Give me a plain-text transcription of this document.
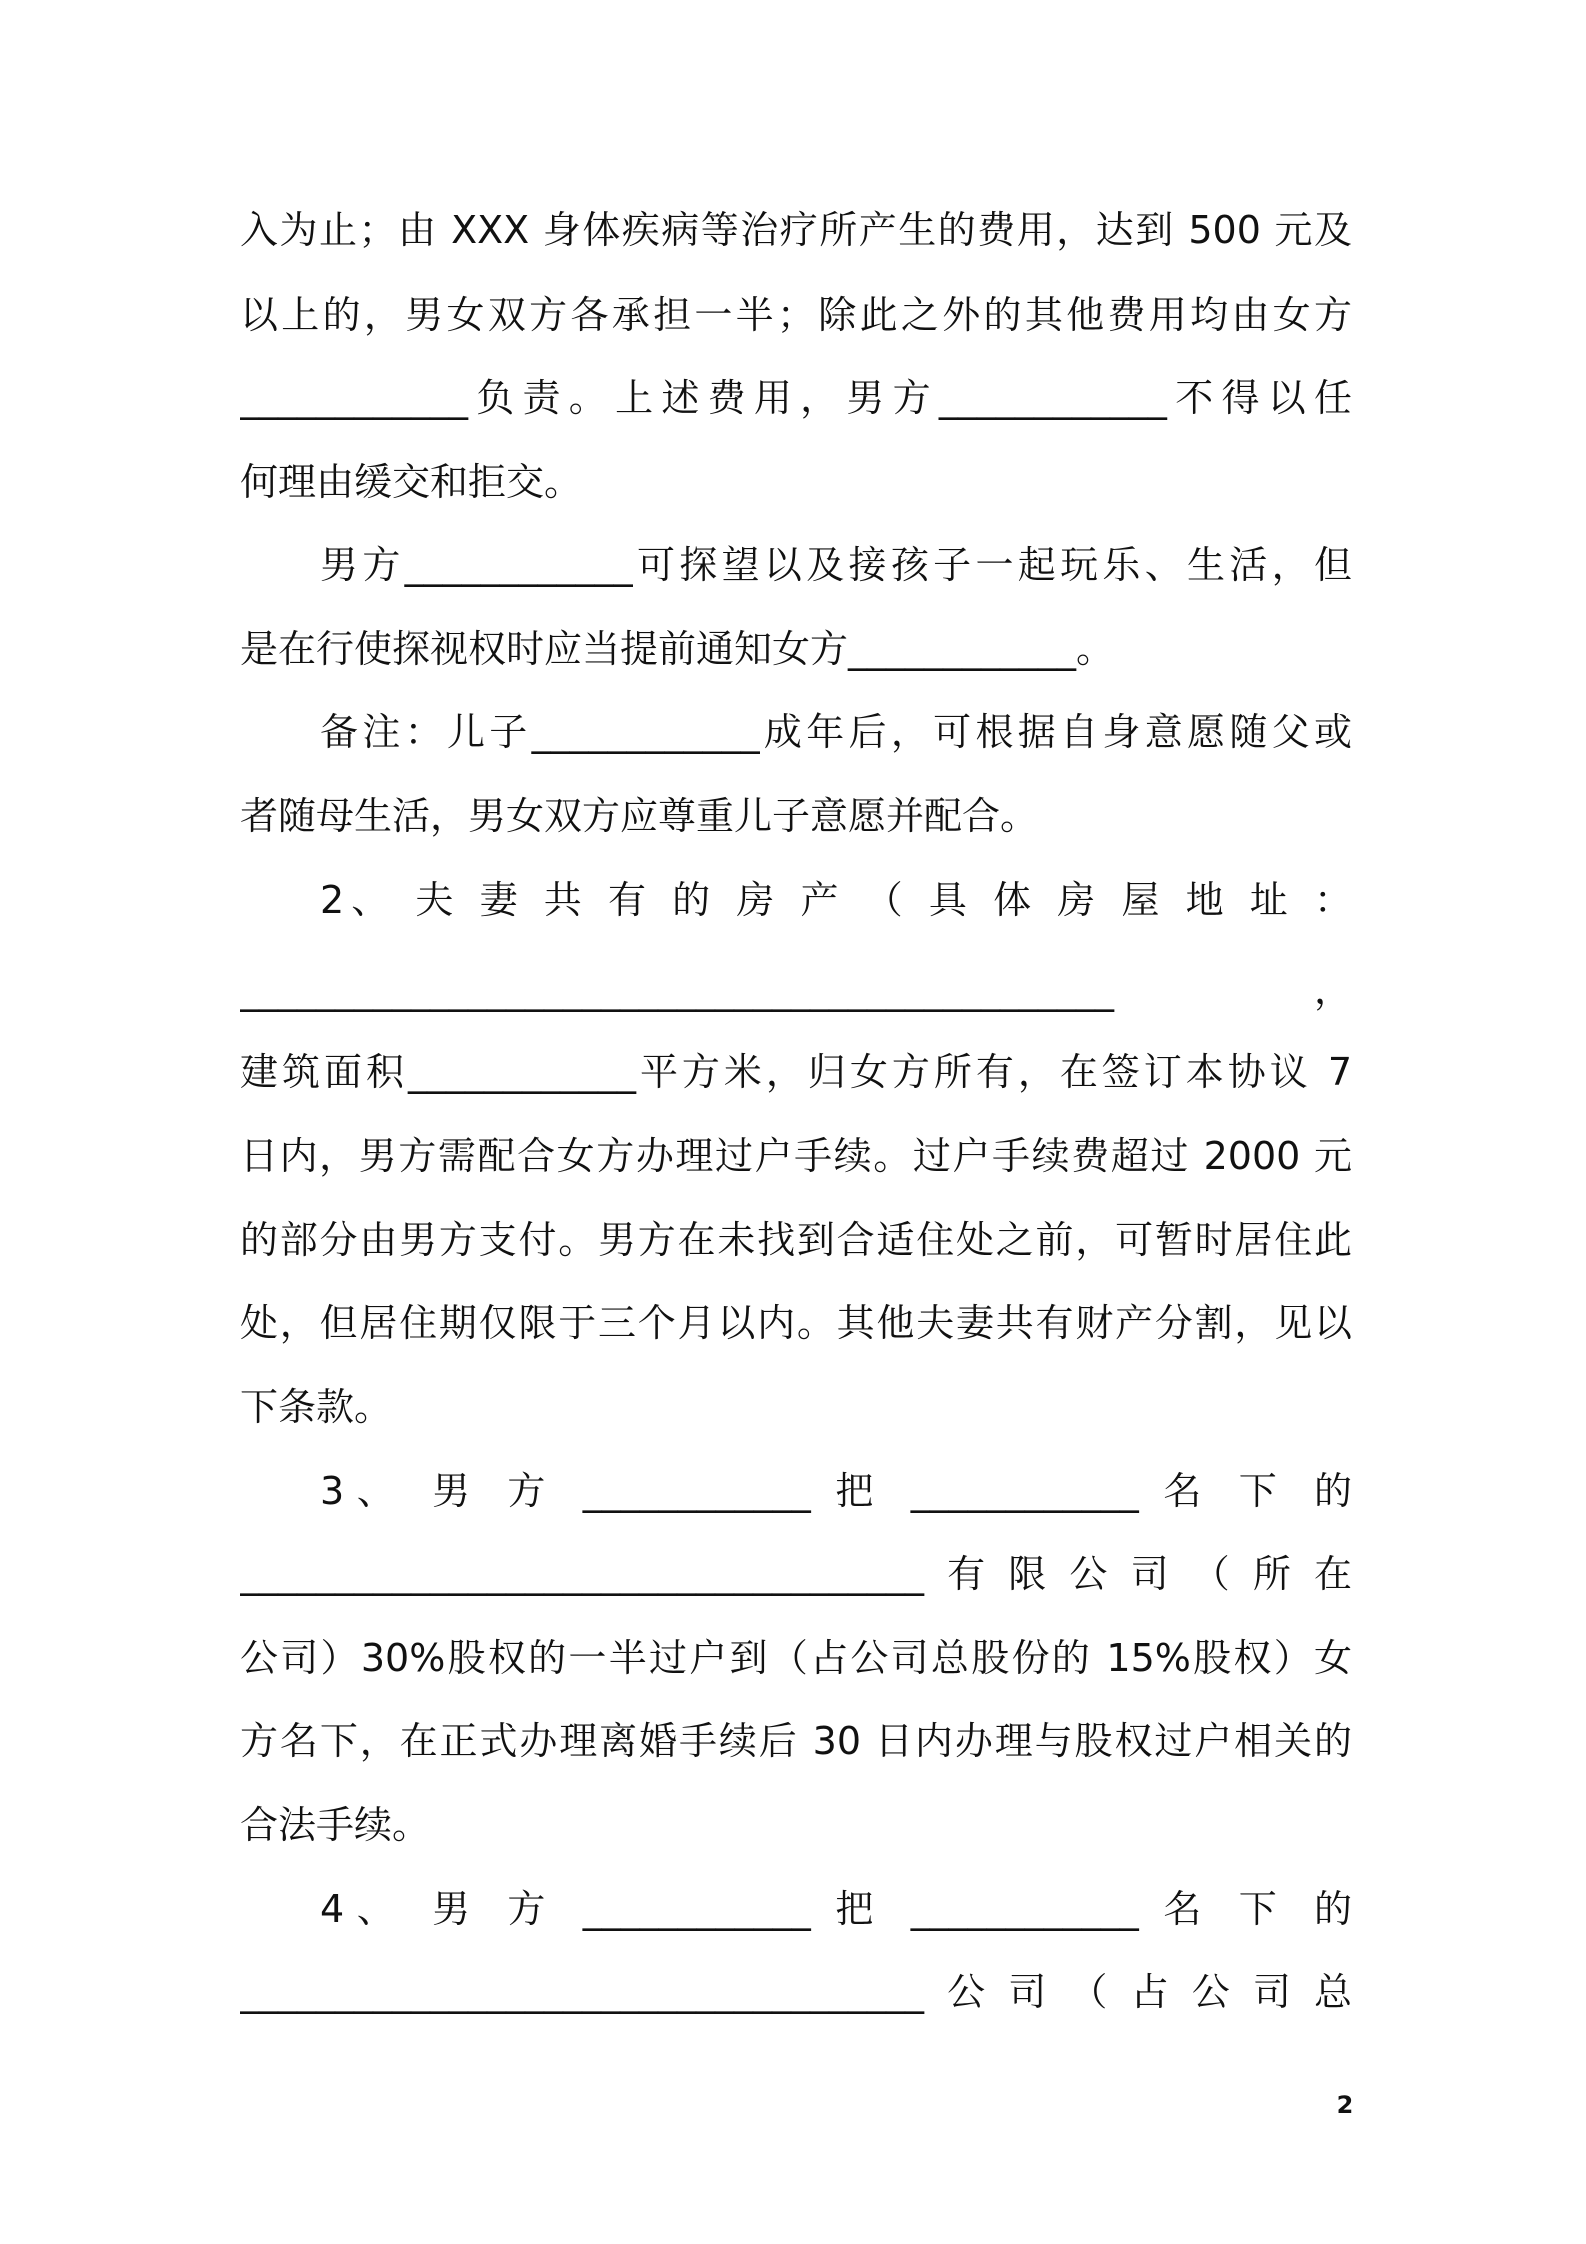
入为止；由 XXX 身体疾病等治疗所产生的费用，达到 500 元及
以上的，男女双方各承担一半；除此之外的其他费用均由女方
____________负责。上述费用，男方____________不得以任
何理由缓交和拒交。
男方____________可探望以及接孩子一起玩乐、生活，但
是在行使探视权时应当提前通知女方____________。
备注：儿子____________成年后，可根据自身意愿随父或
者随母生活，男女双方应尊重儿子意愿并配合。
2、 夫 妻 共 有 的 房 产 （ 具 体 房 屋 地 址 ：
______________________________________________，
建筑面积____________平方米，归女方所有，在签订本协议 7
日内，男方需配合女方办理过户手续。过户手续费超过 2000 元
的部分由男方支付。男方在未找到合适住处之前，可暂时居住此
处，但居住期仅限于三个月以内。其他夫妻共有财产分割，见以
下条款。
3、 男 方 ____________ 把 ____________ 名 下 的
____________________________________有限公司（所在
公司）30%股权的一半过户到（占公司总股份的 15%股权）女
方名下，在正式办理离婚手续后 30 日内办理与股权过户相关的
合法手续。
4、 男 方 ____________ 把 ____________ 名 下 的
____________________________________公司（占公司总
2
